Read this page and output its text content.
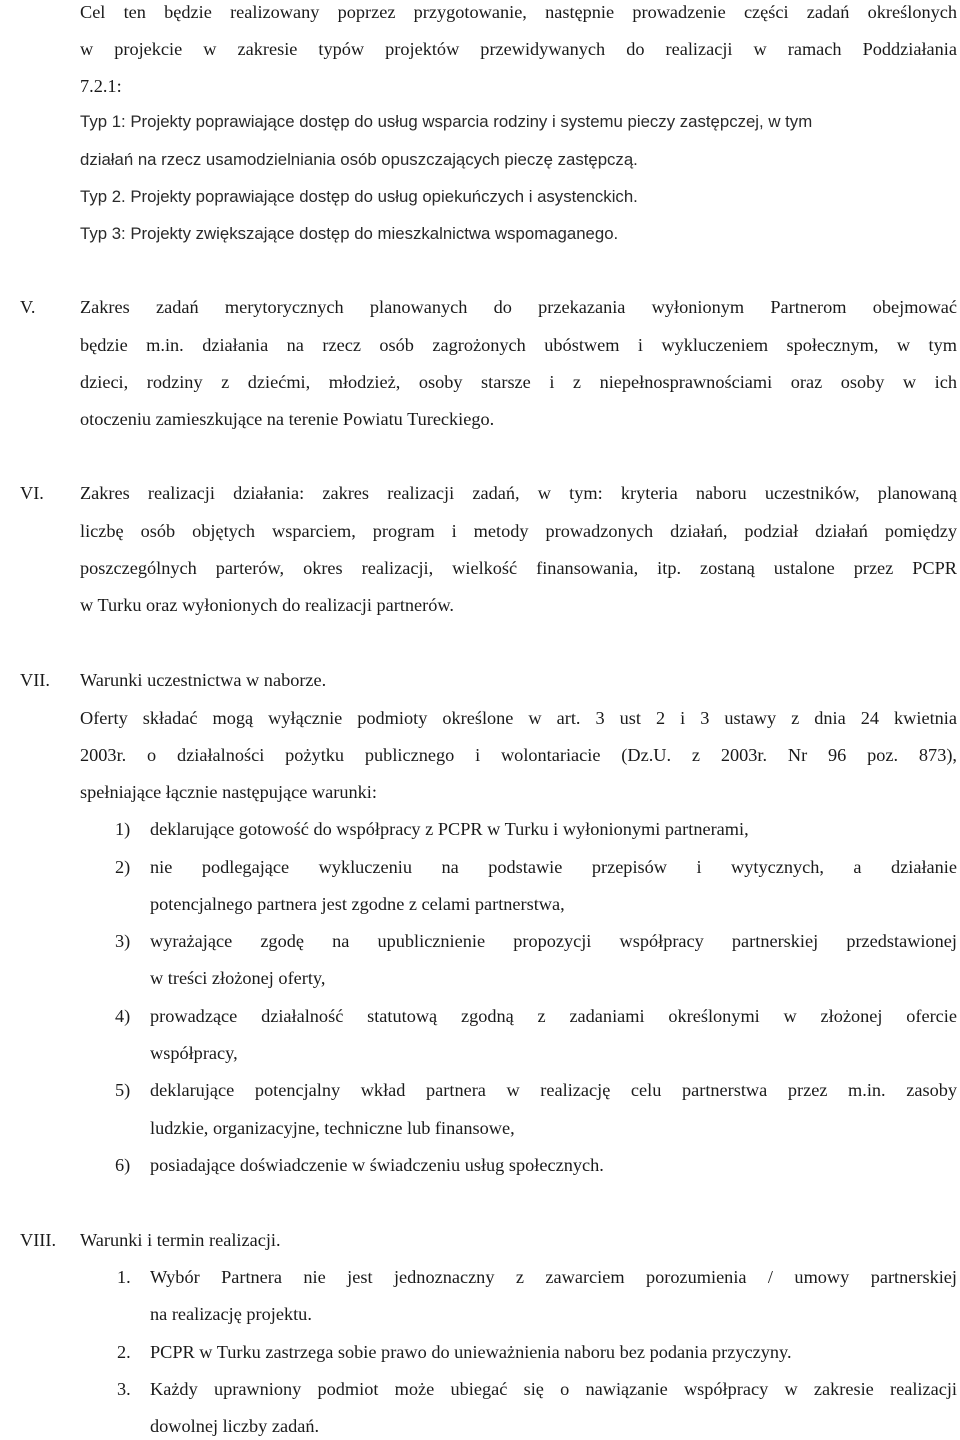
Cel ten będzie realizowany poprzez przygotowanie, następnie prowadzenie części zadań określonych
w projekcie w zakresie typów projektów przewidywanych do realizacji w ramach Poddziałania
7.2.1:
Typ 1: Projekty poprawiające dostęp do usług wsparcia rodziny i systemu pieczy zastępczej, w tym
działań na rzecz usamodzielniania osób opuszczających pieczę zastępczą.
Typ 2. Projekty poprawiające dostęp do usług opiekuńczych i asystenckich.
Typ 3: Projekty zwiększające dostęp do mieszkalnictwa wspomaganego.
V. Zakres zadań merytorycznych planowanych do przekazania wyłonionym Partnerom obejmować
będzie m.in. działania na rzecz osób zagrożonych ubóstwem i wykluczeniem społecznym, w tym
dzieci, rodziny z dziećmi, młodzież, osoby starsze i z niepełnosprawnościami oraz osoby w ich
otoczeniu zamieszkujące na terenie Powiatu Tureckiego.
VI. Zakres realizacji działania: zakres realizacji zadań, w tym: kryteria naboru uczestników, planowaną
liczbę osób objętych wsparciem, program i metody prowadzonych działań, podział działań pomiędzy
poszczególnych parterów, okres realizacji, wielkość finansowania, itp. zostaną ustalone przez PCPR
w Turku oraz wyłonionych do realizacji partnerów.
VII. Warunki uczestnictwa w naborze.
Oferty składać mogą wyłącznie podmioty określone w art. 3 ust 2 i 3 ustawy z dnia 24 kwietnia
2003r. o działalności pożytku publicznego i wolontariacie (Dz.U. z 2003r. Nr 96 poz. 873),
spełniające łącznie następujące warunki:
1) deklarujące gotowość do współpracy z PCPR w Turku i wyłonionymi partnerami,
2) nie podlegające wykluczeniu na podstawie przepisów i wytycznych, a działanie
potencjalnego partnera jest zgodne z celami partnerstwa,
3) wyrażające zgodę na upublicznienie propozycji współpracy partnerskiej przedstawionej
w treści złożonej oferty,
4) prowadzące działalność statutową zgodną z zadaniami określonymi w złożonej ofercie
współpracy,
5) deklarujące potencjalny wkład partnera w realizację celu partnerstwa przez m.in. zasoby
ludzkie, organizacyjne, techniczne lub finansowe,
6) posiadające doświadczenie w świadczeniu usług społecznych.
VIII. Warunki i termin realizacji.
1. Wybór Partnera nie jest jednoznaczny z zawarciem porozumienia / umowy partnerskiej
na realizację projektu.
2. PCPR w Turku zastrzega sobie prawo do unieważnienia naboru bez podania przyczyny.
3. Każdy uprawniony podmiot może ubiegać się o nawiązanie współpracy w zakresie realizacji
dowolnej liczby zadań.
